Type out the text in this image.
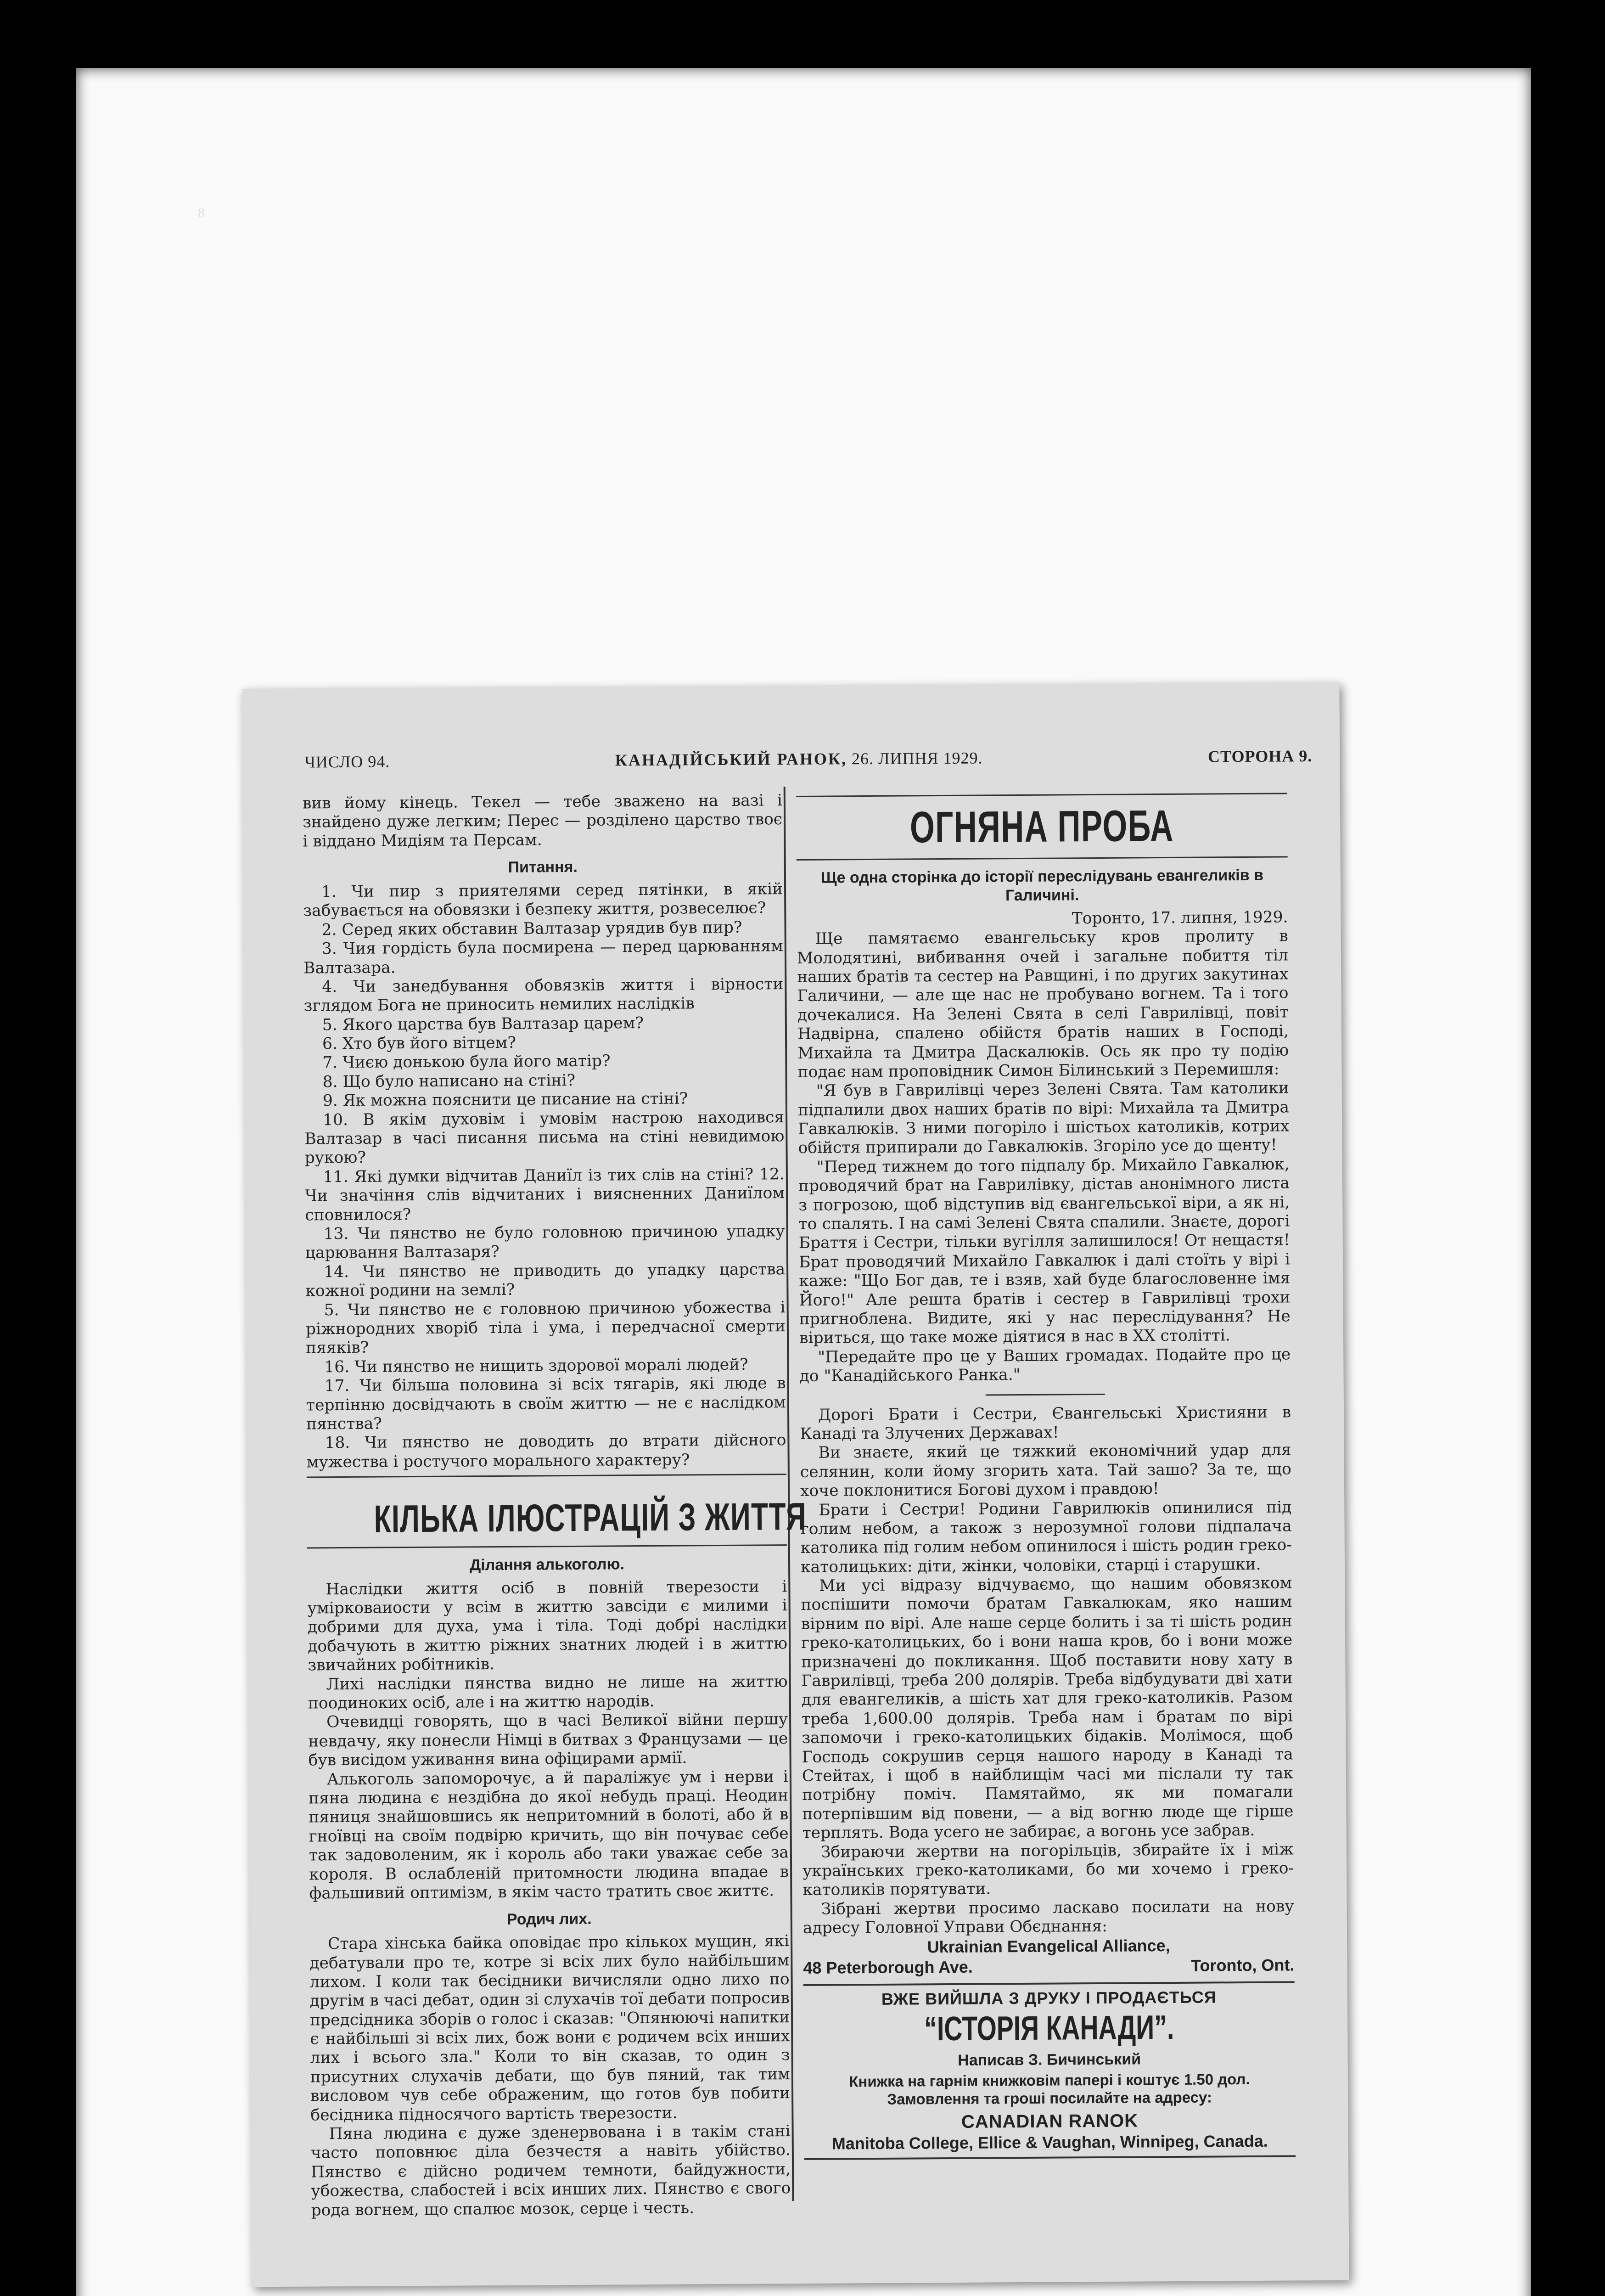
8
ЧИСЛО 94.	КАНАДІЙСЬКИЙ РАНОК, 26. ЛИПНЯ 1929.	СТОРОНА 9.

вив йому кінець. Текел — тебе зважено на вазі і знайдено дуже легким; Перес — розділено царство твоє і віддано Мидіям та Персам.

Питання.

1. Чи пир з приятелями серед пятінки, в якій забувається на обовязки і безпеку життя, розвеселює?

2. Серед яких обставин Валтазар урядив був пир?

3. Чия гордість була посмирена — перед царюванням Валтазара.

4. Чи занедбування обовязків життя і вірности зглядом Бога не приносить немилих наслідків

5. Якого царства був Валтазар царем?

6. Хто був його вітцем?

7. Чиєю донькою була його матір?

8. Що було написано на стіні?

9. Як можна пояснити це писание на стіні?

10. В якім духовім і умовім настрою находився Валтазар в часі писання письма на стіні невидимою рукою?

11. Які думки відчитав Даниїл із тих слів на стіні? 12. Чи значіння слів відчитаних і виясненних Даниїлом сповнилося?

13. Чи пянство не було головною причиною упадку царювання Валтазаря?

14. Чи пянство не приводить до упадку царства кожної родини на землі?

5. Чи пянство не є головною причиною убожества і ріжнородних хворіб тіла і ума, і передчасної смерти пяяків?

16. Чи пянство не нищить здорової моралі людей?

17. Чи більша половина зі всіх тягарів, які люде в терпінню досвідчають в своїм життю — не є наслідком пянства?

18. Чи пянство не доводить до втрати дійсного мужества і ростучого морального характеру?

КІЛЬКА ІЛЮСТРАЦІЙ З ЖИТТЯ
Ділання алькоголю.

Наслідки життя осіб в повній тверезости і умірковаиости у всім в життю завсіди є милими і добрими для духа, ума і тіла. Тоді добрі наслідки добачують в життю ріжних знатних людей і в життю звичайних робітників.

Лихі наслідки пянства видно не лише на життю поодиноких осіб, але і на життю народів.

Очевидці говорять, що в часі Великої війни першу невдачу, яку понесли Німці в битвах з Французами — це був висідом уживання вина офіцирами армії.

Алькоголь запоморочує, а й параліжує ум і нерви і пяна людина є нездібна до якої небудь праці. Неодин пяниця знайшовшись як непритомний в болоті, або й в гноївці на своїм подвірю кричить, що він почуває себе так задоволеним, як і король або таки уважає себе за короля. В ослабленій притомности людина впадае в фальшивий оптимізм, в якім часто тратить своє життє.

Родич лих.

Стара хінська байка оповідає про кількох мущин, які дебатували про те, котре зі всіх лих було найбільшим лихом. І коли так бесідники вичисляли одно лихо по другім в часі дебат, один зі слухачів тої дебати попросив предсідника зборів о голос і сказав: "Опянюючі напитки є найбільші зі всіх лих, бож вони є родичем всіх инших лих і всього зла." Коли то він сказав, то один з присутних слухачів дебати, що був пяний, так тим висловом чув себе ображеним, що готов був побити бесідника підносячого вартість тверезости.

Пяна людина є дуже зденервована і в такім стані часто поповнює діла безчестя а навіть убійство. Пянство є дійсно родичем темноти, байдужности, убожества, слабостей і всіх инших лих. Пянство є свого рода вогнем, що спалює мозок, серце і честь.

ОГНЯНА ПРОБА
Ще одна сторінка до історії переслідувань евангеликів в Галичині.

Торонто, 17. липня, 1929.

Ще памятаємо евангельську кров пролиту в Молодятині, вибивання очей і загальне побиття тіл наших братів та сестер на Равщині, і по других закутинах Галичини, — але ще нас не пробувано вогнем. Та і того дочекалися. На Зелені Свята в селі Гаврилівці, повіт Надвірна, спалено обійстя братів наших в Господі, Михайла та Дмитра Даскалюків. Ось як про ту подію подає нам проповідник Симон Білинський з Перемишля:

"Я був в Гаврилівці через Зелені Свята. Там католики підпалили двох наших братів по вірі: Михайла та Дмитра Гавкалюків. З ними погоріло і шістьох католиків, котрих обійстя припирали до Гавкалюків. Згоріло усе до щенту!

"Перед тижнем до того підпалу бр. Михайло Гавкалюк, проводячий брат на Гаврилівку, дістав анонімного листа з погрозою, щоб відступив від євангельської віри, а як ні, то спалять. І на самі Зелені Свята спалили. Знаєте, дорогі Браття і Сестри, тільки вугілля залишилося! От нещастя! Брат проводячий Михайло Гавкалюк і далі стоїть у вірі і каже: "Що Бог дав, те і взяв, хай буде благословенне імя Його!" Але решта братів і сестер в Гаврилівці трохи пригноблена. Видите, які у нас переслідування? Не віриться, що таке може діятися в нас в XX столітті.

"Передайте про це у Ваших громадах. Подайте про це до "Канадійського Ранка."

Дорогі Брати і Сестри, Євангельські Християни в Канаді та Злучених Державах!

Ви знаєте, який це тяжкий економічний удар для селянин, коли йому згорить хата. Тай зашо? За те, що хоче поклонитися Богові духом і правдою!

Брати і Сестри! Родини Гаврилюків опинилися під голим небом, а також з нерозумної голови підпалача католика під голим небом опинилося і шість родин греко-католицьких: діти, жінки, чоловіки, старці і старушки.

Ми усі відразу відчуваємо, що нашим обовязком поспішити помочи братам Гавкалюкам, яко нашим вірним по вірі. Але наше серце болить і за ті шість родин греко-католицьких, бо і вони наша кров, бо і вони може призначені до покликання. Щоб поставити нову хату в Гаврилівці, треба 200 долярів. Треба відбудувати дві хати для евангеликів, а шість хат для греко-католиків. Разом треба 1,600.00 долярів. Треба нам і братам по вірі запомочи і греко-католицьких бідаків. Молімося, щоб Господь сокрушив серця нашого народу в Канаді та Стейтах, і щоб в найблищім часі ми післали ту так потрібну поміч. Памятаймо, як ми помагали потерпівшим від повени, — а від вогню люде ще гірше терплять. Вода усего не забирає, а вогонь усе забрав.

Збираючи жертви на погорільців, збирайте їх і між українських греко-католиками, бо ми хочемо і греко-католиків порятувати.

Зібрані жертви просимо ласкаво посилати на нову адресу Головної Управи Обєднання:

Ukrainian Evangelical Alliance,
48 Peterborough Ave.	Toronto, Ont.
ВЖЕ ВИЙШЛА З ДРУКУ І ПРОДАЄТЬСЯ
“ІСТОРІЯ КАНАДИ”.
Написав З. Бичинський
Книжка на гарнім книжковім папері і коштує 1.50 дол.
Замовлення та гроші посилайте на адресу:
CANADIAN RANOK
Manitoba College, Ellice & Vaughan, Winnipeg, Canada.
